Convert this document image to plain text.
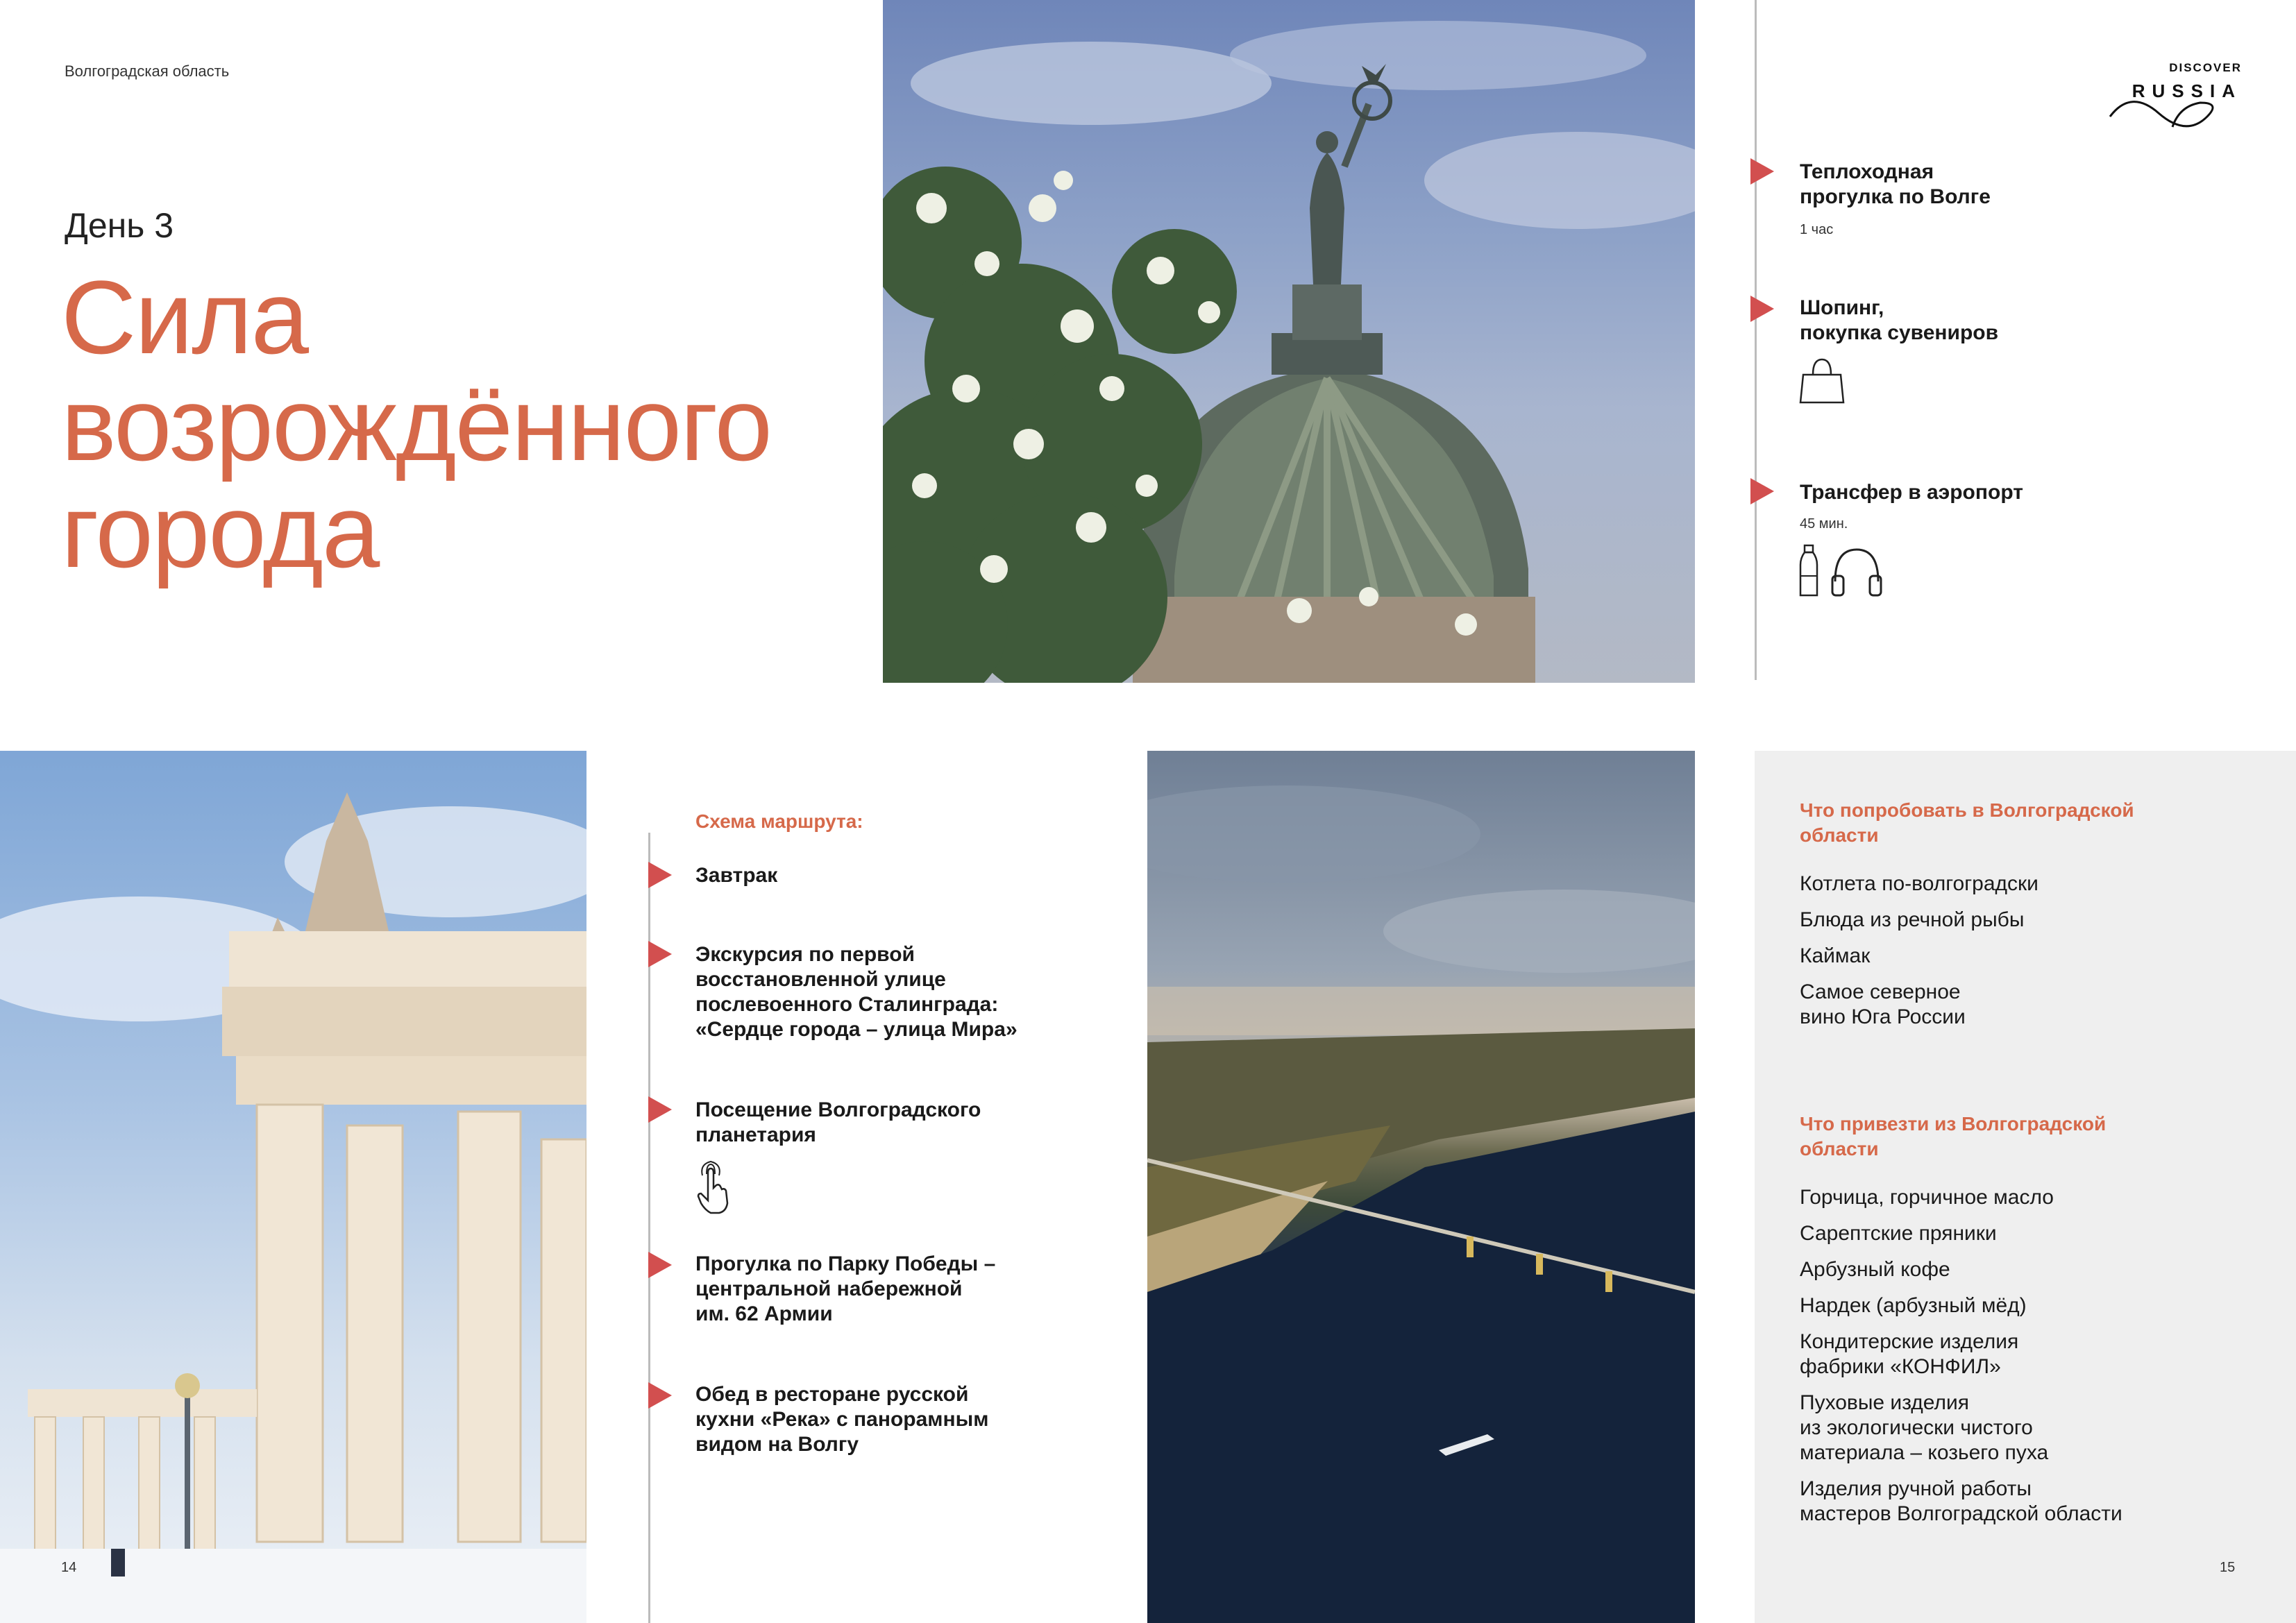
Волгоградская область
День 3
Сила
возрождённого
города
DISCOVER
RUSSIA
Теплоходная
прогулка по Волге
1 час
Шопинг,
покупка сувениров
Трансфер в аэропорт
45 мин.
Схема маршрута:
Завтрак
Экскурсия по первой
восстановленной улице
послевоенного Сталинграда:
«Сердце города – улица Мира»
Посещение Волгоградского
планетария
Прогулка по Парку Победы –
центральной набережной
им. 62 Армии
Обед в ресторане русской
кухни «Река» с панорамным
видом на Волгу
Что попробовать в Волгоградской
области
Котлета по-волгоградски
Блюда из речной рыбы
Каймак
Самое северное
вино Юга России
Что привезти из Волгоградской
области
Горчица, горчичное масло
Сарептские пряники
Арбузный кофе
Нардек (арбузный мёд)
Кондитерские изделия
фабрики «КОНФИЛ»
Пуховые изделия
из экологически чистого
материала – козьего пуха
Изделия ручной работы
мастеров Волгоградской области
14	15
